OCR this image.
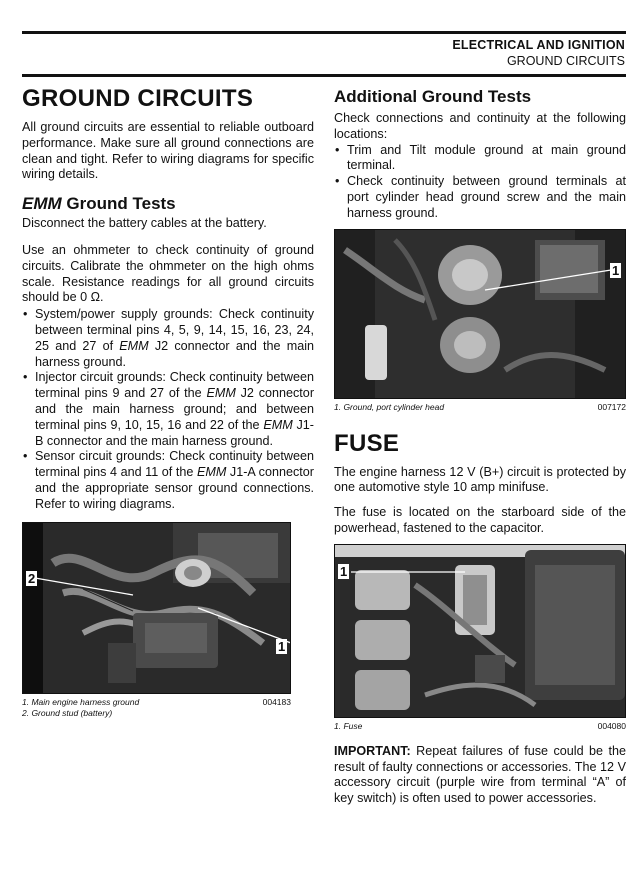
ELECTRICAL AND IGNITION
GROUND CIRCUITS
GROUND CIRCUITS

All ground circuits are essential to reliable outboard performance. Make sure all ground connections are clean and tight. Refer to wiring diagrams for specific wiring details.

EMM Ground Tests

Disconnect the battery cables at the battery.

Use an ohmmeter to check continuity of ground circuits. Calibrate the ohmmeter on the high ohms scale. Resistance readings for all ground circuits should be 0 Ω.

• System/power supply grounds: Check continuity between terminal pins 4, 5, 9, 14, 15, 16, 23, 24, 25 and 27 of EMM J2 connector and the main harness ground.
• Injector circuit grounds: Check continuity between terminal pins 9 and 27 of the EMM J2 connector and the main harness ground; and between terminal pins 9, 10, 15, 16 and 22 of the EMM J1-B connector and the main harness ground.
• Sensor circuit grounds: Check continuity between terminal pins 4 and 11 of the EMM J1-A connector and the appropriate sensor ground connections. Refer to wiring diagrams.
2
1
1. Main engine harness ground	004183
2. Ground stud (battery)
Additional Ground Tests

Check connections and continuity at the following locations:

• Trim and Tilt module ground at main ground terminal.
• Check continuity between ground terminals at port cylinder head ground screw and the main harness ground.
1
1. Ground, port cylinder head	007172
FUSE

The engine harness 12 V (B+) circuit is protected by one automotive style 10 amp minifuse.

The fuse is located on the starboard side of the powerhead, fastened to the capacitor.

1
1. Fuse	004080

IMPORTANT: Repeat failures of fuse could be the result of faulty connections or accessories. The 12 V accessory circuit (purple wire from terminal “A” of key switch) is often used to power accessories.
